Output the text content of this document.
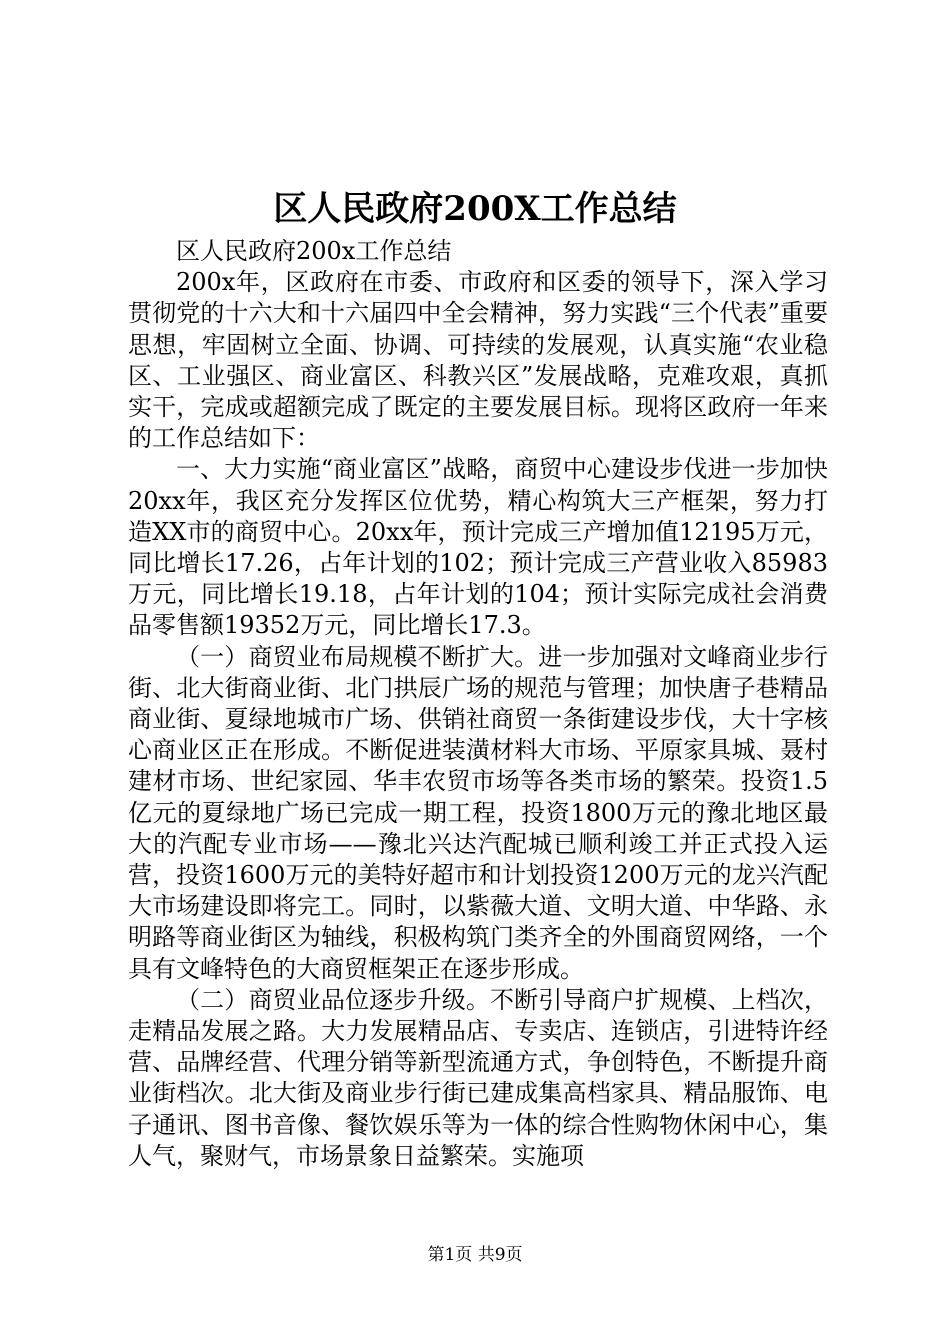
区人民政府200X工作总结

区人民政府200x工作总结

200x年，区政府在市委、市政府和区委的领导下，深入学习贯彻党的十六大和十六届四中全会精神，努力实践“三个代表”重要思想，牢固树立全面、协调、可持续的发展观，认真实施“农业稳区、工业强区、商业富区、科教兴区”发展战略，克难攻艰，真抓实干，完成或超额完成了既定的主要发展目标。现将区政府一年来的工作总结如下：

一、大力实施“商业富区”战略，商贸中心建设步伐进一步加快20xx年，我区充分发挥区位优势，精心构筑大三产框架，努力打造XX市的商贸中心。20xx年，预计完成三产增加值12195万元，同比增长17.26，占年计划的102；预计完成三产营业收入85983万元，同比增长19.18，占年计划的104；预计实际完成社会消费品零售额19352万元，同比增长17.3。

（一）商贸业布局规模不断扩大。进一步加强对文峰商业步行街、北大街商业街、北门拱辰广场的规范与管理；加快唐子巷精品商业街、夏绿地城市广场、供销社商贸一条街建设步伐，大十字核心商业区正在形成。不断促进装潢材料大市场、平原家具城、聂村建材市场、世纪家园、华丰农贸市场等各类市场的繁荣。投资1.5亿元的夏绿地广场已完成一期工程，投资1800万元的豫北地区最大的汽配专业市场——豫北兴达汽配城已顺利竣工并正式投入运营，投资1600万元的美特好超市和计划投资1200万元的龙兴汽配大市场建设即将完工。同时，以紫薇大道、文明大道、中华路、永明路等商业街区为轴线，积极构筑门类齐全的外围商贸网络，一个具有文峰特色的大商贸框架正在逐步形成。

（二）商贸业品位逐步升级。不断引导商户扩规模、上档次，走精品发展之路。大力发展精品店、专卖店、连锁店，引进特许经营、品牌经营、代理分销等新型流通方式，争创特色，不断提升商业街档次。北大街及商业步行街已建成集高档家具、精品服饰、电子通讯、图书音像、餐饮娱乐等为一体的综合性购物休闲中心，集人气，聚财气，市场景象日益繁荣。实施项

第1页 共9页
